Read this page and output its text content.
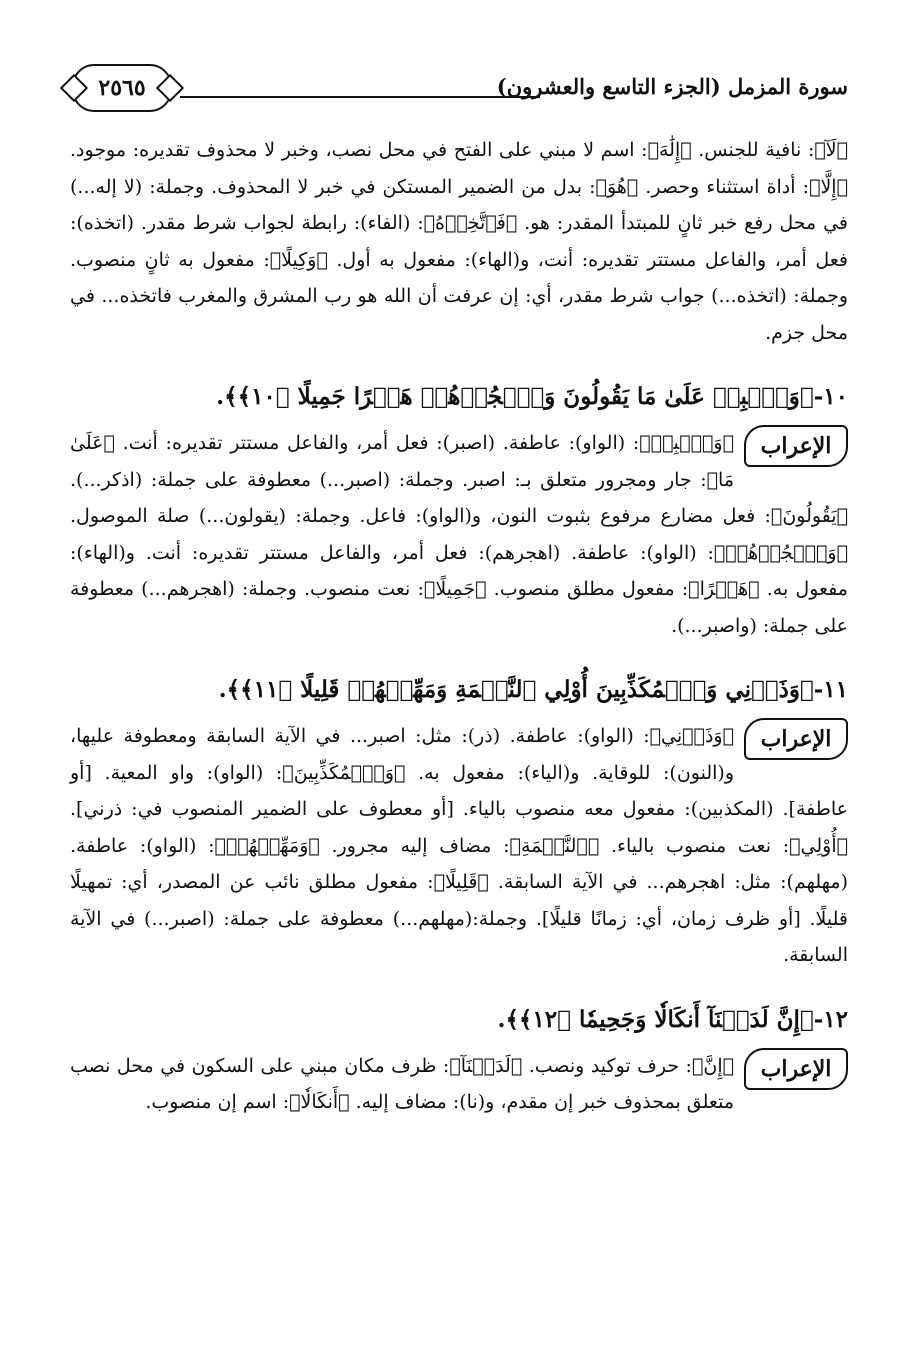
سورة المزمل (الجزء التاسع والعشرون)
٢٥٦٥

﴿لَآ﴾: نافية للجنس. ﴿إِلَٰهَ﴾: اسم لا مبني على الفتح في محل نصب، وخبر لا محذوف تقديره: موجود. ﴿إِلَّا﴾: أداة استثناء وحصر. ﴿هُوَ﴾: بدل من الضمير المستكن في خبر لا المحذوف. وجملة: (لا إله...) في محل رفع خبر ثانٍ للمبتدأ المقدر: هو. ﴿فَٱتَّخِذۡهُ﴾: (الفاء): رابطة لجواب شرط مقدر. (اتخذه): فعل أمر، والفاعل مستتر تقديره: أنت، و(الهاء): مفعول به أول. ﴿وَكِيلًا﴾: مفعول به ثانٍ منصوب. وجملة: (اتخذه...) جواب شرط مقدر، أي: إن عرفت أن الله هو رب المشرق والمغرب فاتخذه... في محل جزم.

١٠-﴿وَٱصۡبِرۡ عَلَىٰ مَا يَقُولُونَ وَٱهۡجُرۡهُمۡ هَجۡرًا جَمِيلًا ﴿١٠﴾﴾.

الإعراب
﴿وَٱصۡبِرۡ﴾: (الواو): عاطفة. (اصبر): فعل أمر، والفاعل مستتر تقديره: أنت. ﴿عَلَىٰ مَا﴾: جار ومجرور متعلق بـ: اصبر. وجملة: (اصبر...) معطوفة على جملة: (اذكر...). ﴿يَقُولُونَ﴾: فعل مضارع مرفوع بثبوت النون، و(الواو): فاعل. وجملة: (يقولون...) صلة الموصول. ﴿وَٱهۡجُرۡهُمۡ﴾: (الواو): عاطفة. (اهجرهم): فعل أمر، والفاعل مستتر تقديره: أنت. و(الهاء): مفعول به. ﴿هَجۡرًا﴾: مفعول مطلق منصوب. ﴿جَمِيلًا﴾: نعت منصوب. وجملة: (اهجرهم...) معطوفة على جملة: (واصبر...).

١١-﴿وَذَرۡنِي وَٱلۡمُكَذِّبِينَ أُوْلِي ٱلنَّعۡمَةِ وَمَهِّلۡهُمۡ قَلِيلًا ﴿١١﴾﴾.

الإعراب
﴿وَذَرۡنِي﴾: (الواو): عاطفة. (ذر): مثل: اصبر... في الآية السابقة ومعطوفة عليها، و(النون): للوقاية. و(الياء): مفعول به. ﴿وَٱلۡمُكَذِّبِينَ﴾: (الواو): واو المعية. [أو عاطفة]. (المكذبين): مفعول معه منصوب بالياء. [أو معطوف على الضمير المنصوب في: ذرني]. ﴿أُوْلِي﴾: نعت منصوب بالياء. ﴿ٱلنَّعۡمَةِ﴾: مضاف إليه مجرور. ﴿وَمَهِّلۡهُمۡ﴾: (الواو): عاطفة. (مهلهم): مثل: اهجرهم... في الآية السابقة. ﴿قَلِيلًا﴾: مفعول مطلق نائب عن المصدر، أي: تمهيلًا قليلًا. [أو ظرف زمان، أي: زمانًا قليلًا]. وجملة:(مهلهم...) معطوفة على جملة: (اصبر...) في الآية السابقة.

١٢-﴿إِنَّ لَدَيۡنَآ أَنكَالٗا وَجَحِيمٗا ﴿١٢﴾﴾.

الإعراب
﴿إِنَّ﴾: حرف توكيد ونصب. ﴿لَدَيۡنَآ﴾: ظرف مكان مبني على السكون في محل نصب متعلق بمحذوف خبر إن مقدم، و(نا): مضاف إليه. ﴿أَنكَالٗا﴾: اسم إن منصوب.
